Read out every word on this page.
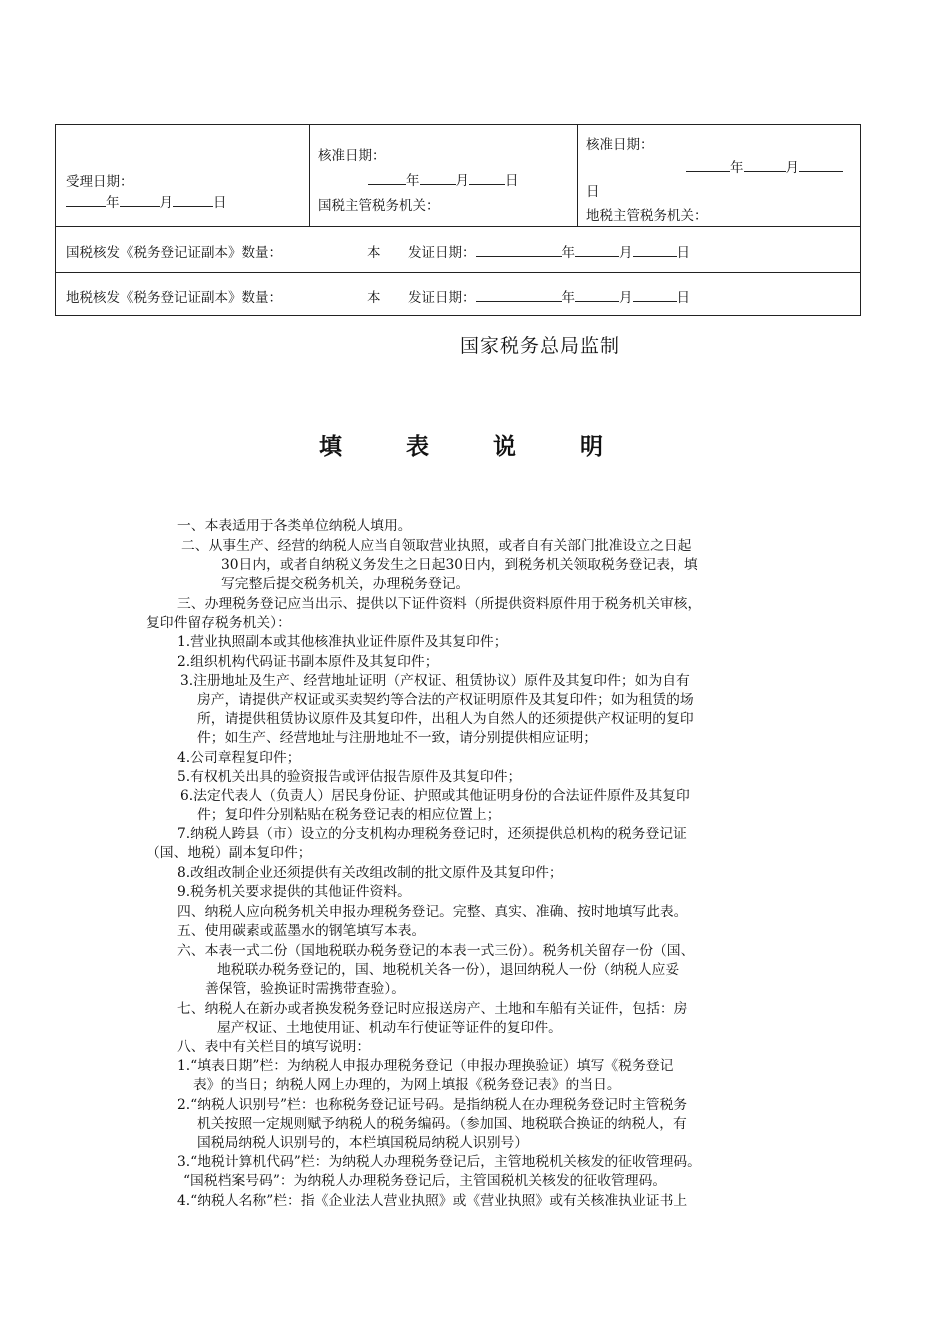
受理日期：
年	月	日
核准日期：
年	月	日
国税主管税务机关：
核准日期：
年	月
日
地税主管税务机关：
国税核发《税务登记证副本》数量：	本 发证日期：	年	月	日
地税核发《税务登记证副本》数量：	本 发证日期：	年	月	日
国家税务总局监制
填 表 说 明
一、本表适用于各类单位纳税人填用。
二、从事生产、经营的纳税人应当自领取营业执照，或者自有关部门批准设立之日起
30日内，或者自纳税义务发生之日起30日内，到税务机关领取税务登记表，填
写完整后提交税务机关，办理税务登记。
三、办理税务登记应当出示、提供以下证件资料（所提供资料原件用于税务机关审核，
复印件留存税务机关）：
1.营业执照副本或其他核准执业证件原件及其复印件；
2.组织机构代码证书副本原件及其复印件；
3.注册地址及生产、经营地址证明（产权证、租赁协议）原件及其复印件；如为自有
房产，请提供产权证或买卖契约等合法的产权证明原件及其复印件；如为租赁的场
所，请提供租赁协议原件及其复印件，出租人为自然人的还须提供产权证明的复印
件；如生产、经营地址与注册地址不一致，请分别提供相应证明；
4.公司章程复印件；
5.有权机关出具的验资报告或评估报告原件及其复印件；
6.法定代表人（负责人）居民身份证、护照或其他证明身份的合法证件原件及其复印
件；复印件分别粘贴在税务登记表的相应位置上；
7.纳税人跨县（市）设立的分支机构办理税务登记时，还须提供总机构的税务登记证
（国、地税）副本复印件；
8.改组改制企业还须提供有关改组改制的批文原件及其复印件；
9.税务机关要求提供的其他证件资料。
四、纳税人应向税务机关申报办理税务登记。完整、真实、准确、按时地填写此表。
五、使用碳素或蓝墨水的钢笔填写本表。
六、本表一式二份（国地税联办税务登记的本表一式三份）。税务机关留存一份（国、
地税联办税务登记的，国、地税机关各一份），退回纳税人一份（纳税人应妥
善保管，验换证时需携带查验）。
七、纳税人在新办或者换发税务登记时应报送房产、土地和车船有关证件，包括：房
屋产权证、土地使用证、机动车行使证等证件的复印件。
八、表中有关栏目的填写说明：
1.“填表日期”栏：为纳税人申报办理税务登记（申报办理换验证）填写《税务登记
表》的当日；纳税人网上办理的，为网上填报《税务登记表》的当日。
2.“纳税人识别号”栏：也称税务登记证号码。是指纳税人在办理税务登记时主管税务
机关按照一定规则赋予纳税人的税务编码。（参加国、地税联合换证的纳税人，有
国税局纳税人识别号的，本栏填国税局纳税人识别号）
3.“地税计算机代码”栏：为纳税人办理税务登记后，主管地税机关核发的征收管理码。
“国税档案号码”：为纳税人办理税务登记后，主管国税机关核发的征收管理码。
4.“纳税人名称”栏：指《企业法人营业执照》或《营业执照》或有关核准执业证书上
